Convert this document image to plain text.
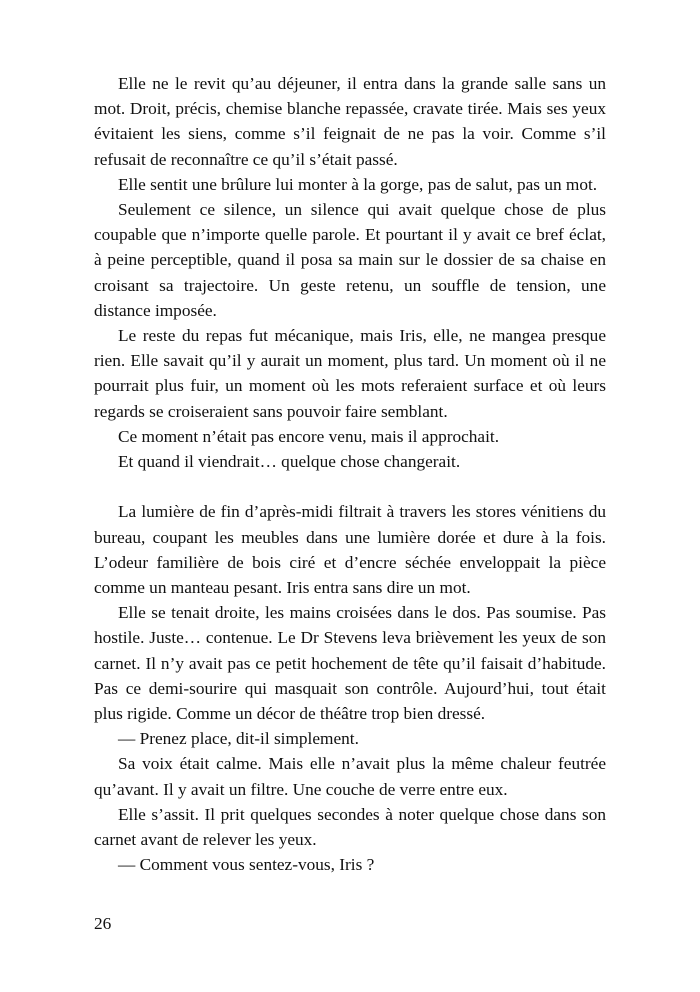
Elle ne le revit qu’au déjeuner, il entra dans la grande salle sans un mot. Droit, précis, chemise blanche repassée, cravate tirée. Mais ses yeux évitaient les siens, comme s’il feignait de ne pas la voir. Comme s’il refusait de reconnaître ce qu’il s’était passé.

Elle sentit une brûlure lui monter à la gorge, pas de salut, pas un mot.

Seulement ce silence, un silence qui avait quelque chose de plus coupable que n’importe quelle parole. Et pourtant il y avait ce bref éclat, à peine perceptible, quand il posa sa main sur le dossier de sa chaise en croisant sa trajectoire. Un geste retenu, un souffle de tension, une distance imposée.

Le reste du repas fut mécanique, mais Iris, elle, ne mangea presque rien. Elle savait qu’il y aurait un moment, plus tard. Un moment où il ne pourrait plus fuir, un moment où les mots referaient surface et où leurs regards se croiseraient sans pouvoir faire semblant.

Ce moment n’était pas encore venu, mais il approchait.

Et quand il viendrait… quelque chose changerait.

La lumière de fin d’après-midi filtrait à travers les stores vénitiens du bureau, coupant les meubles dans une lumière dorée et dure à la fois. L’odeur familière de bois ciré et d’encre séchée enveloppait la pièce comme un manteau pesant. Iris entra sans dire un mot.

Elle se tenait droite, les mains croisées dans le dos. Pas soumise. Pas hostile. Juste… contenue. Le Dr Stevens leva brièvement les yeux de son carnet. Il n’y avait pas ce petit hochement de tête qu’il faisait d’habitude. Pas ce demi-sourire qui masquait son contrôle. Aujourd’hui, tout était plus rigide. Comme un décor de théâtre trop bien dressé.

— Prenez place, dit-il simplement.

Sa voix était calme. Mais elle n’avait plus la même chaleur feutrée qu’avant. Il y avait un filtre. Une couche de verre entre eux.

Elle s’assit. Il prit quelques secondes à noter quelque chose dans son carnet avant de relever les yeux.

— Comment vous sentez-vous, Iris ?

26
